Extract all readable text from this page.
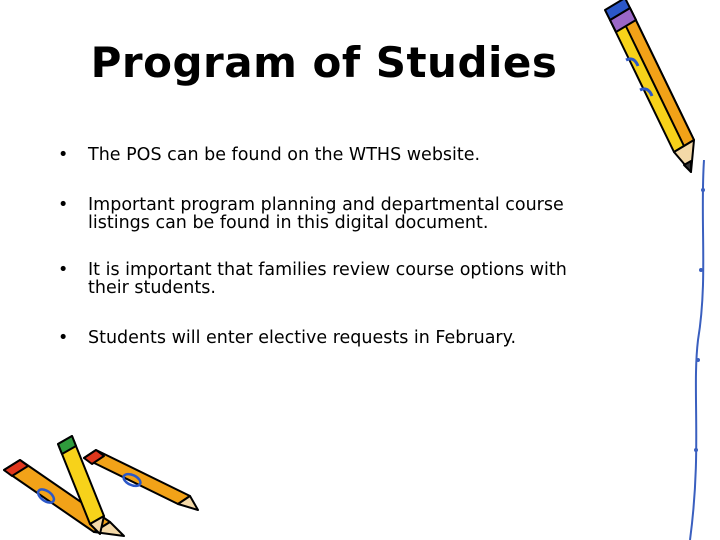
Program of Studies
•	The POS can be found on the WTHS website.
•	Important program planning and departmental course listings can be found in this digital document.
•	It is important that families review course options with their students.
•	Students will enter elective requests in February.
